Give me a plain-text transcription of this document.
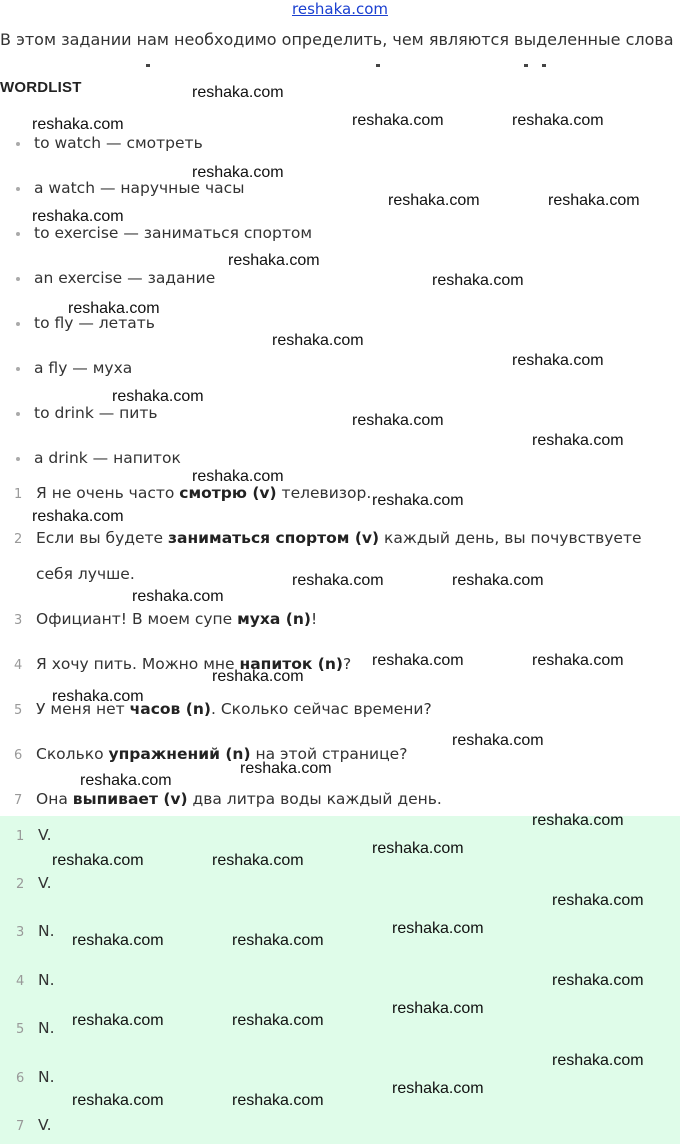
reshaka.com
В этом задании нам необходимо определить, чем являются выделенные слова
WORDLIST
to watch — смотреть
a watch — наручные часы
to exercise — заниматься спортом
an exercise — задание
to fly — летать
a fly — муха
to drink — пить
a drink — напиток
1 Я не очень часто смотрю (v) телевизор.
2 Если вы будете заниматься спортом (v) каждый день, вы почувствуете
себя лучше.
3 Официант! В моем супе муха (n)!
4 Я хочу пить. Можно мне напиток (n)?
5 У меня нет часов (n). Сколько сейчас времени?
6 Сколько упражнений (n) на этой странице?
7 Она выпивает (v) два литра воды каждый день.
1 V.
2 V.
3 N.
4 N.
5 N.
6 N.
7 V.
reshaka.com
reshaka.com	reshaka.com	reshaka.com
reshaka.com
reshaka.com	reshaka.com
reshaka.com
reshaka.com
reshaka.com
reshaka.com
reshaka.com
reshaka.com
reshaka.com
reshaka.com
reshaka.com
reshaka.com
reshaka.com
reshaka.com
reshaka.com	reshaka.com
reshaka.com
reshaka.com	reshaka.com
reshaka.com
reshaka.com
reshaka.com
reshaka.com
reshaka.com
reshaka.com
reshaka.com
reshaka.com	reshaka.com
reshaka.com
reshaka.com
reshaka.com	reshaka.com
reshaka.com
reshaka.com
reshaka.com	reshaka.com
reshaka.com
reshaka.com
reshaka.com	reshaka.com
